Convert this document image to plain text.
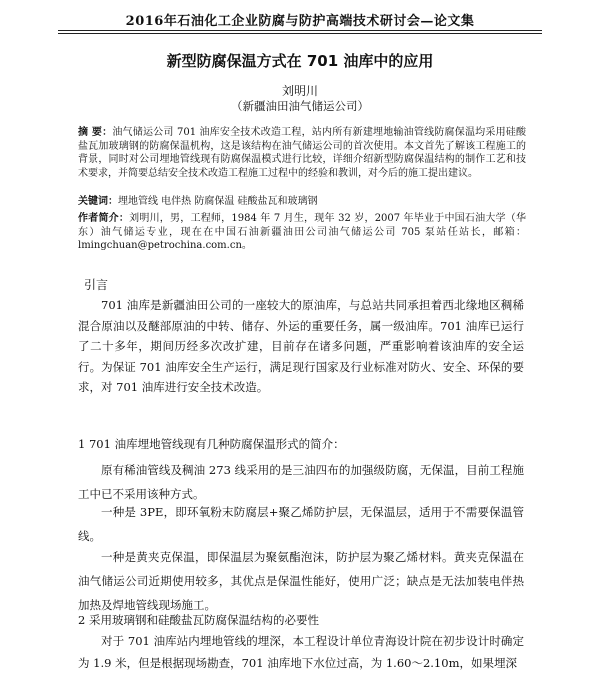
2016年石油化工企业防腐与防护高端技术研讨会—论文集
新型防腐保温方式在 701 油库中的应用
刘明川
（新疆油田油气储运公司）
摘 要：油气储运公司 701 油库安全技术改造工程，站内所有新建埋地输油管线防腐保温均采用硅酸盐瓦加玻璃钢的防腐保温机构，这是该结构在油气储运公司的首次使用。本文首先了解该工程施工的背景，同时对公司埋地管线现有防腐保温模式进行比较，详细介绍新型防腐保温结构的制作工艺和技术要求，并简要总结安全技术改造工程施工过程中的经验和教训，对今后的施工提出建议。
关键词：埋地管线 电伴热 防腐保温 硅酸盐瓦和玻璃钢
作者简介：刘明川，男，工程师，1984 年 7 月生，现年 32 岁，2007 年毕业于中国石油大学（华东）油气储运专业，现在在中国石油新疆油田公司油气储运公司 705 泵站任站长，邮箱：lmingchuan@petrochina.com.cn。
引言
701 油库是新疆油田公司的一座较大的原油库，与总站共同承担着西北缘地区稠稀混合原油以及醚部原油的中转、储存、外运的重要任务，属一级油库。701 油库已运行了二十多年，期间历经多次改扩建，目前存在诸多问题，严重影响着该油库的安全运行。为保证 701 油库安全生产运行，满足现行国家及行业标准对防火、安全、环保的要求，对 701 油库进行安全技术改造。
1 701 油库埋地管线现有几种防腐保温形式的简介：
原有稀油管线及稠油 273 线采用的是三油四布的加强级防腐，无保温，目前工程施工中已不采用该种方式。
一种是 3PE，即环氧粉末防腐层+聚乙烯防护层，无保温层，适用于不需要保温管线。
一种是黄夹克保温，即保温层为聚氨酯泡沫，防护层为聚乙烯材料。黄夹克保温在油气储运公司近期使用较多，其优点是保温性能好，使用广泛；缺点是无法加装电伴热加热及焊地管线现场施工。
2 采用玻璃钢和硅酸盐瓦防腐保温结构的必要性
对于 701 油库站内埋地管线的埋深，本工程设计单位青海设计院在初步设计时确定为 1.9 米，但是根据现场勘查，701 油库地下水位过高，为 1.60～2.10m，如果埋深
